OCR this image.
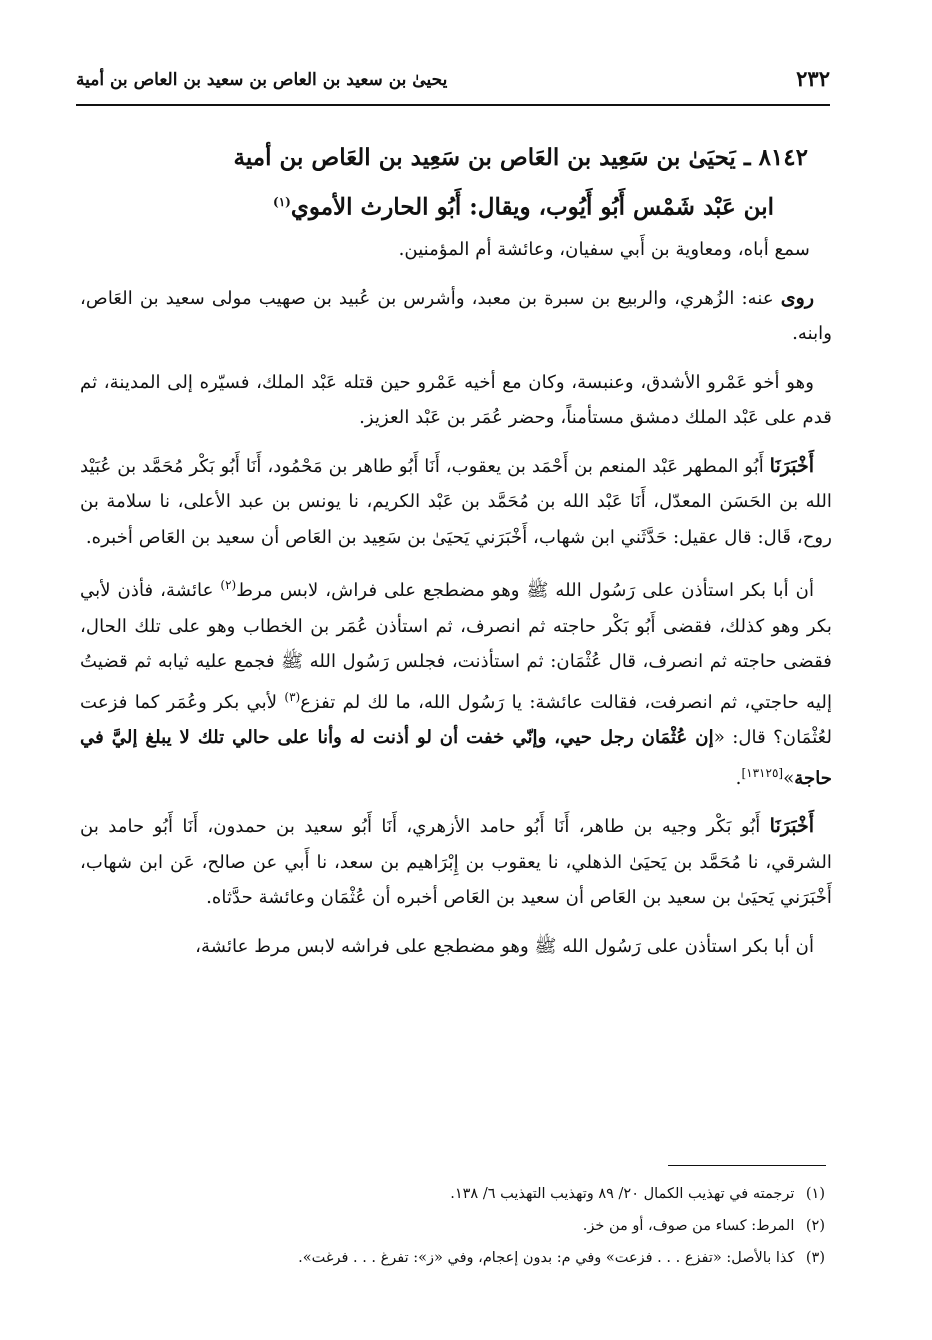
٢٣٢
يحيىٰ بن سعيد بن العاص بن سعيد بن العاص بن أمية
٨١٤٢ ـ يَحيَىٰ بن سَعِيد بن العَاص بن سَعِيد بن العَاص بن أمية
ابن عَبْد شَمْس أَبُو أَيُوب، ويقال: أَبُو الحارث الأموي$^{(١)}$

سمع أباه، ومعاوية بن أَبي سفيان، وعائشة أم المؤمنين.

روى عنه: الزُهري، والربيع بن سبرة بن معبد، وأشرس بن عُبيد بن صهيب مولى سعيد بن العَاص، وابنه.

وهو أخو عَمْرو الأشدق، وعنبسة، وكان مع أخيه عَمْرو حين قتله عَبْد الملك، فسيّره إلى المدينة، ثم قدم على عَبْد الملك دمشق مستأمناً، وحضر عُمَر بن عَبْد العزيز.

أَخْبَرَنَا أَبُو المطهر عَبْد المنعم بن أَحْمَد بن يعقوب، أَنَا أَبُو طاهر بن مَحْمُود، أَنَا أَبُو بَكْر مُحَمَّد بن عُبَيْد الله بن الحَسَن المعدّل، أَنَا عَبْد الله بن مُحَمَّد بن عَبْد الكريم، نا يونس بن عبد الأعلى، نا سلامة بن روح، قَال: قال عقيل: حَدَّثَني ابن شهاب، أَخْبَرَني يَحيَىٰ بن سَعِيد بن العَاص أن سعيد بن العَاص أخبره.

أن أبا بكر استأذن على رَسُول الله ﷺ وهو مضطجع على فراش، لابس مرط$^{(٢)}$ عائشة، فأذن لأبي بكر وهو كذلك، فقضى أَبُو بَكْر حاجته ثم انصرف، ثم استأذن عُمَر بن الخطاب وهو على تلك الحال، فقضى حاجته ثم انصرف، قال عُثْمَان: ثم استأذنت، فجلس رَسُول الله ﷺ فجمع عليه ثيابه ثم قضيتُ إليه حاجتي، ثم انصرفت، فقالت عائشة: يا رَسُول الله، ما لك لم تفزع$^{(٣)}$ لأبي بكر وعُمَر كما فزعت لعُثْمَان؟ قال: «إن عُثْمَان رجل حيي، وإنّي خفت أن لو أذنت له وأنا على حالي تلك لا يبلغ إليَّ في حاجة»[١٣١٢٥].

أَخْبَرَنَا أَبُو بَكْر وجيه بن طاهر، أَنَا أَبُو حامد الأزهري، أَنَا أَبُو سعيد بن حمدون، أَنَا أَبُو حامد بن الشرقي، نا مُحَمَّد بن يَحيَىٰ الذهلي، نا يعقوب بن إِبْرَاهيم بن سعد، نا أَبي عن صالح، عَن ابن شهاب، أَخْبَرَني يَحيَىٰ بن سعيد بن العَاص أن سعيد بن العَاص أخبره أن عُثْمَان وعائشة حدَّثاه.

أن أبا بكر استأذن على رَسُول الله ﷺ وهو مضطجع على فراشه لابس مرط عائشة،

(١) ترجمته في تهذيب الكمال ٢٠/ ٨٩ وتهذيب التهذيب ٦/ ١٣٨.
(٢) المرط: كساء من صوف، أو من خز.
(٣) كذا بالأصل: «تفزع . . . فزعت» وفي م: بدون إعجام، وفي «ز»: تفرغ . . . فرغت».
